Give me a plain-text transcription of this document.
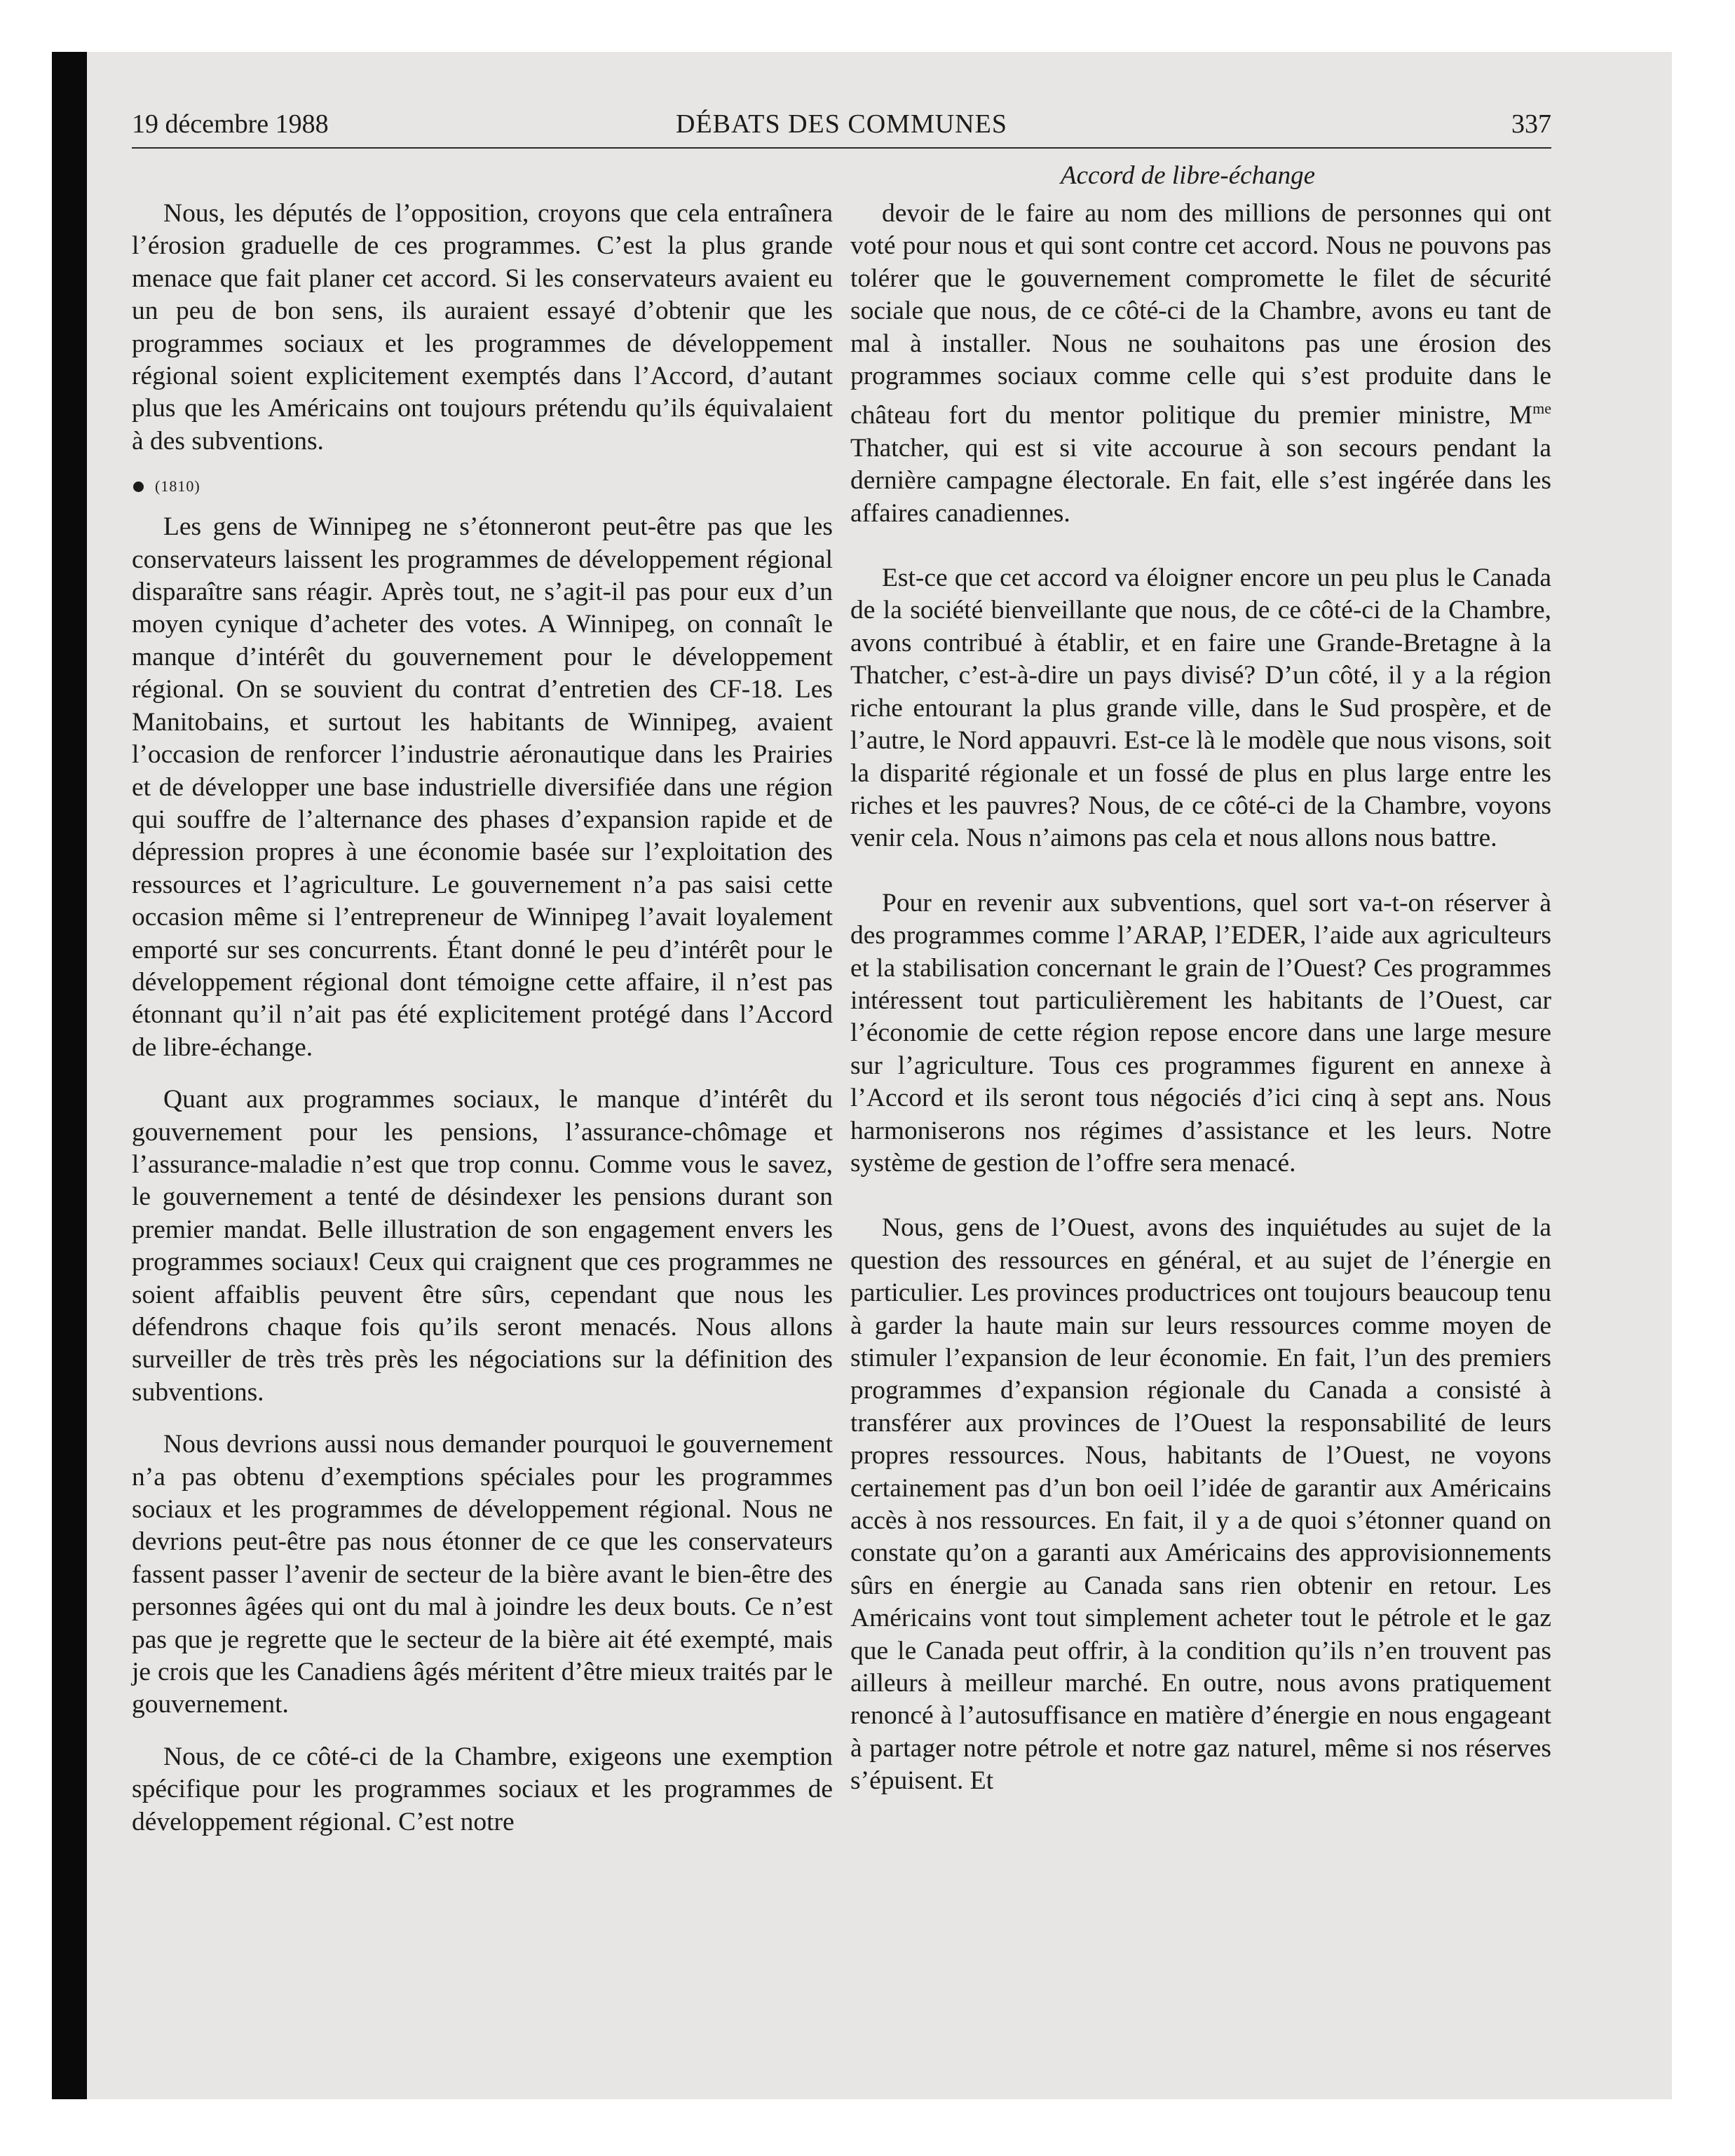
19 décembre 1988	DÉBATS DES COMMUNES	337
Accord de libre-échange

Nous, les députés de l’opposition, croyons que cela entraînera l’érosion graduelle de ces programmes. C’est la plus grande menace que fait planer cet accord. Si les conservateurs avaient eu un peu de bon sens, ils auraient essayé d’obtenir que les programmes sociaux et les programmes de développement régional soient explicitement exemptés dans l’Accord, d’autant plus que les Américains ont toujours prétendu qu’ils équivalaient à des subventions.

(1810)

Les gens de Winnipeg ne s’étonneront peut-être pas que les conservateurs laissent les programmes de développement régional disparaître sans réagir. Après tout, ne s’agit-il pas pour eux d’un moyen cynique d’acheter des votes. A Winnipeg, on connaît le manque d’intérêt du gouvernement pour le développement régional. On se souvient du contrat d’entretien des CF-18. Les Manitobains, et surtout les habitants de Winnipeg, avaient l’occasion de renforcer l’industrie aéronautique dans les Prairies et de développer une base industrielle diversifiée dans une région qui souffre de l’alternance des phases d’expansion rapide et de dépression propres à une économie basée sur l’exploitation des ressources et l’agriculture. Le gouvernement n’a pas saisi cette occasion même si l’entrepreneur de Winnipeg l’avait loyalement emporté sur ses concurrents. Étant donné le peu d’intérêt pour le développement régional dont témoigne cette affaire, il n’est pas étonnant qu’il n’ait pas été explicitement protégé dans l’Accord de libre-échange.

Quant aux programmes sociaux, le manque d’intérêt du gouvernement pour les pensions, l’assurance-chômage et l’assurance-maladie n’est que trop connu. Comme vous le savez, le gouvernement a tenté de désindexer les pensions durant son premier mandat. Belle illustration de son engagement envers les programmes sociaux! Ceux qui craignent que ces programmes ne soient affaiblis peuvent être sûrs, cependant que nous les défendrons chaque fois qu’ils seront menacés. Nous allons surveiller de très très près les négociations sur la définition des subventions.

Nous devrions aussi nous demander pourquoi le gouvernement n’a pas obtenu d’exemptions spéciales pour les programmes sociaux et les programmes de développement régional. Nous ne devrions peut-être pas nous étonner de ce que les conservateurs fassent passer l’avenir de secteur de la bière avant le bien-être des personnes âgées qui ont du mal à joindre les deux bouts. Ce n’est pas que je regrette que le secteur de la bière ait été exempté, mais je crois que les Canadiens âgés méritent d’être mieux traités par le gouvernement.

Nous, de ce côté-ci de la Chambre, exigeons une exemption spécifique pour les programmes sociaux et les programmes de développement régional. C’est notre

devoir de le faire au nom des millions de personnes qui ont voté pour nous et qui sont contre cet accord. Nous ne pouvons pas tolérer que le gouvernement compromette le filet de sécurité sociale que nous, de ce côté-ci de la Chambre, avons eu tant de mal à installer. Nous ne souhaitons pas une érosion des programmes sociaux comme celle qui s’est produite dans le château fort du mentor politique du premier ministre, $M^{me}$ Thatcher, qui est si vite accourue à son secours pendant la dernière campagne électorale. En fait, elle s’est ingérée dans les affaires canadiennes.

Est-ce que cet accord va éloigner encore un peu plus le Canada de la société bienveillante que nous, de ce côté-ci de la Chambre, avons contribué à établir, et en faire une Grande-Bretagne à la Thatcher, c’est-à-dire un pays divisé? D’un côté, il y a la région riche entourant la plus grande ville, dans le Sud prospère, et de l’autre, le Nord appauvri. Est-ce là le modèle que nous visons, soit la disparité régionale et un fossé de plus en plus large entre les riches et les pauvres? Nous, de ce côté-ci de la Chambre, voyons venir cela. Nous n’aimons pas cela et nous allons nous battre.

Pour en revenir aux subventions, quel sort va-t-on réserver à des programmes comme l’ARAP, l’EDER, l’aide aux agriculteurs et la stabilisation concernant le grain de l’Ouest? Ces programmes intéressent tout particulièrement les habitants de l’Ouest, car l’économie de cette région repose encore dans une large mesure sur l’agriculture. Tous ces programmes figurent en annexe à l’Accord et ils seront tous négociés d’ici cinq à sept ans. Nous harmoniserons nos régimes d’assistance et les leurs. Notre système de gestion de l’offre sera menacé.

Nous, gens de l’Ouest, avons des inquiétudes au sujet de la question des ressources en général, et au sujet de l’énergie en particulier. Les provinces productrices ont toujours beaucoup tenu à garder la haute main sur leurs ressources comme moyen de stimuler l’expansion de leur économie. En fait, l’un des premiers programmes d’expansion régionale du Canada a consisté à transférer aux provinces de l’Ouest la responsabilité de leurs propres ressources. Nous, habitants de l’Ouest, ne voyons certainement pas d’un bon oeil l’idée de garantir aux Américains accès à nos ressources. En fait, il y a de quoi s’étonner quand on constate qu’on a garanti aux Américains des approvisionnements sûrs en énergie au Canada sans rien obtenir en retour. Les Américains vont tout simplement acheter tout le pétrole et le gaz que le Canada peut offrir, à la condition qu’ils n’en trouvent pas ailleurs à meilleur marché. En outre, nous avons pratiquement renoncé à l’autosuffisance en matière d’énergie en nous engageant à partager notre pétrole et notre gaz naturel, même si nos réserves s’épuisent. Et
